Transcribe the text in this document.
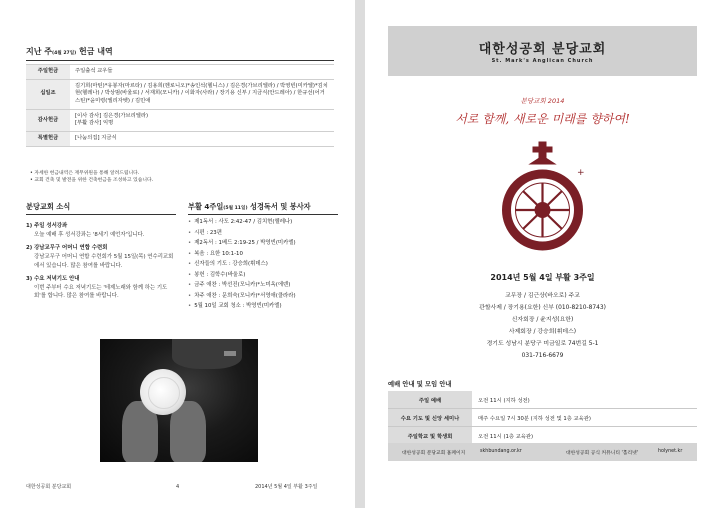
지난 주(4월 27일) 헌금 내역
주일헌금	주일출석 교우들
십일조	김기희(마틴)*유봉자(마르타) / 김용희(헨로니오)*송인석(헬니스) / 김은경(가브리엘라) / 박영빈(미카엘)*김치현(헬레나) / 박상범(바울로) / 서재희(모니카) / 이화자(사라) / 장기용 신부 / 지금식(안드레아) / 한규선(어거스틴)*윤미령(엘리자벳) / 김민애
감사헌금	[이사 감사] 김은경(가브리엘라)
[부활 감사] 익명
특별헌금	[나눔의집] 지금식
• 자세한 헌금내역은 재무위원을 통해 알려드립니다.
• 교회 건축 및 발전을 위한 건축헌금을 조성하고 있습니다.
분당교회 소식
1) 주일 성서강좌
오늘 예배 후 성서강좌는 '8세기 예언자'입니다.
2) 강남교무구 어머니 연합 수련회
강남교무구 어머니 연합 수련회가 5월 15일(목) 연수리교회에서 있습니다. 많은 참여를 바랍니다.
3) 수요 저녁기도 안내
이번 주부터 수요 저녁기도는 '테제노래와 함께 하는 기도회'를 합니다. 많은 참여를 바랍니다.
부활 4주일(5월 11일) 성경독서 및 봉사자
• 제1독서 : 사도 2:42-47 / 김치현(헬레나)
• 시편 : 23편
• 제2독서 : 1베드 2:19-25 / 박영빈(미카엘)
• 복음 : 요한 10:1-10
• 신자들의 기도 : 강승희(휘데스)
• 봉헌 : 김학수(바울로)
• 금주 애찬 : 박선진(모니카)*노미옥(에덴)
• 차주 애찬 : 문희숙(모니카)*서영애(클라라)
• 5월 10일 교회 청소 : 박영빈(미카엘)
대한성공회 분당교회	4	2014년 5월 4일 부활 3주일
대한성공회 분당교회
St. Mark's Anglican Church
분당교회 2014
서로 함께, 새로운 미래를 향하여!
+
2014년 5월 4일 부활 3주일
교무장 / 김근상(바오로) 주교
관할사제 / 장기용(요한) 신부 (010-8210-8743)
신자회장 / 윤지성(요한)
사제회장 / 강승희(휘데스)
경기도 성남시 분당구 미금일로 74번길 5-1
031-716-6679
예배 안내 및 모임 안내
주일 예배	오전 11시 (지하 성전)
수요 기도 및 신앙 세미나	매주 수요일 7시 30분 (지하 성전 및 1층 교육관)
주일학교 및 학생회	오전 11시 (1층 교육관)
대한성공회 분당교회 홈페이지	skhbundang.or.kr	대한성공회 공식 커뮤니티 '홀리넷'	holynet.kr
